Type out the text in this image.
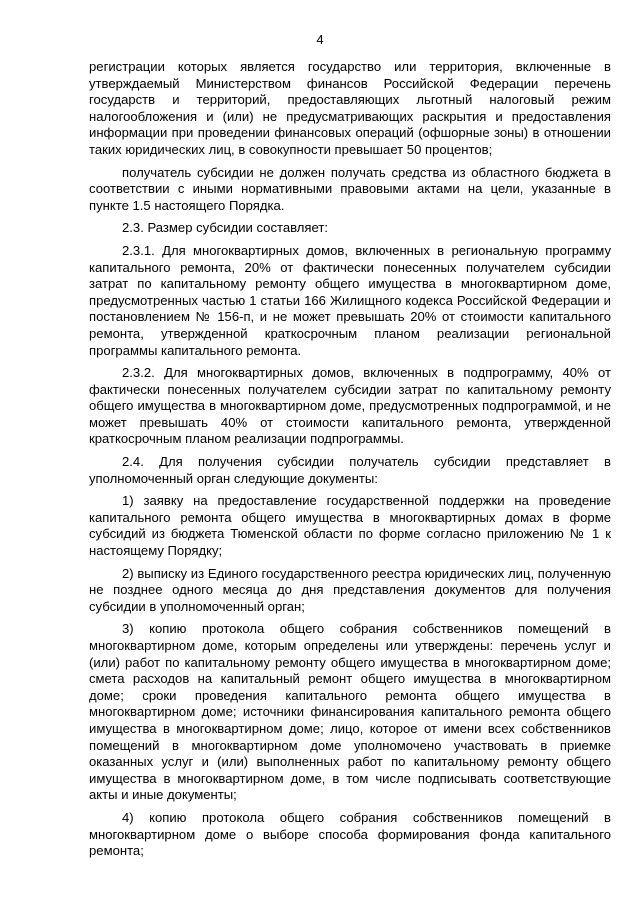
4

регистрации которых является государство или территория, включенные в утверждаемый Министерством финансов Российской Федерации перечень государств и территорий, предоставляющих льготный налоговый режим налогообложения и (или) не предусматривающих раскрытия и предоставления информации при проведении финансовых операций (офшорные зоны) в отношении таких юридических лиц, в совокупности превышает 50 процентов;

получатель субсидии не должен получать средства из областного бюджета в соответствии с иными нормативными правовыми актами на цели, указанные в пункте 1.5 настоящего Порядка.

2.3. Размер субсидии составляет:

2.3.1. Для многоквартирных домов, включенных в региональную программу капитального ремонта, 20% от фактически понесенных получателем субсидии затрат по капитальному ремонту общего имущества в многоквартирном доме, предусмотренных частью 1 статьи 166 Жилищного кодекса Российской Федерации и постановлением № 156-п, и не может превышать 20% от стоимости капитального ремонта, утвержденной краткосрочным планом реализации региональной программы капитального ремонта.

2.3.2. Для многоквартирных домов, включенных в подпрограмму, 40% от фактически понесенных получателем субсидии затрат по капитальному ремонту общего имущества в многоквартирном доме, предусмотренных подпрограммой, и не может превышать 40% от стоимости капитального ремонта, утвержденной краткосрочным планом реализации подпрограммы.

2.4. Для получения субсидии получатель субсидии представляет в уполномоченный орган следующие документы:

1) заявку на предоставление государственной поддержки на проведение капитального ремонта общего имущества в многоквартирных домах в форме субсидий из бюджета Тюменской области по форме согласно приложению № 1 к настоящему Порядку;

2) выписку из Единого государственного реестра юридических лиц, полученную не позднее одного месяца до дня представления документов для получения субсидии в уполномоченный орган;

3) копию протокола общего собрания собственников помещений в многоквартирном доме, которым определены или утверждены: перечень услуг и (или) работ по капитальному ремонту общего имущества в многоквартирном доме; смета расходов на капитальный ремонт общего имущества в многоквартирном доме; сроки проведения капитального ремонта общего имущества в многоквартирном доме; источники финансирования капитального ремонта общего имущества в многоквартирном доме; лицо, которое от имени всех собственников помещений в многоквартирном доме уполномочено участвовать в приемке оказанных услуг и (или) выполненных работ по капитальному ремонту общего имущества в многоквартирном доме, в том числе подписывать соответствующие акты и иные документы;

4) копию протокола общего собрания собственников помещений в многоквартирном доме о выборе способа формирования фонда капитального ремонта;
